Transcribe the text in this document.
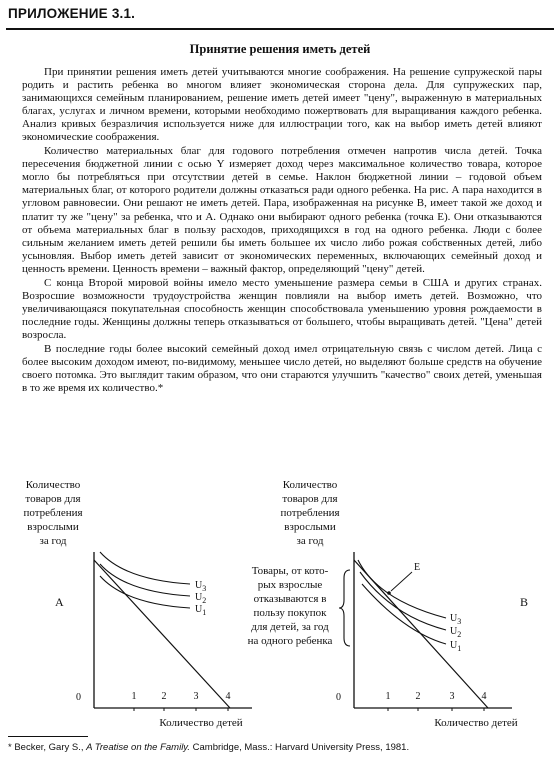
ПРИЛОЖЕНИЕ 3.1.
Принятие решения иметь детей

При принятии решения иметь детей учитываются многие соображения. На решение супружеской пары родить и растить ребенка во многом влияет экономическая сторона дела. Для супружеских пар, занимающихся семейным планированием, решение иметь детей имеет "цену", выраженную в материальных благах, услугах и личном времени, которыми необходимо пожертвовать для выращивания каждого ребенка. Анализ кривых безразличия используется ниже для иллюстрации того, как на выбор иметь детей влияют экономические соображения.

Количество материальных благ для годового потребления отмечен напротив числа детей. Точка пересечения бюджетной линии с осью Y измеряет доход через максимальное количество товара, которое могло бы потребляться при отсутствии детей в семье. Наклон бюджетной линии – годовой объем материальных благ, от которого родители должны отказаться ради одного ребенка. На рис. А пара находится в угловом равновесии. Они решают не иметь детей. Пара, изображенная на рисунке В, имеет такой же доход и платит ту же "цену" за ребенка, что и А. Однако они выбирают одного ребенка (точка Е). Они отказываются от объема материальных благ в пользу расходов, приходящихся в год на одного ребенка. Люди с более сильным желанием иметь детей решили бы иметь большее их число либо рожая собственных детей, либо усыновляя. Выбор иметь детей зависит от экономических переменных, включающих семейный доход и ценность времени. Ценность времени – важный фактор, определяющий "цену" детей.

С конца Второй мировой войны имело место уменьшение размера семьи в США и других странах. Возросшие возможности трудоустройства женщин повлияли на выбор иметь детей. Возможно, что увеличивающаяся покупательная способность женщин способствовала уменьшению уровня рождаемости в последние годы. Женщины должны теперь отказываться от большего, чтобы выращивать детей. "Цена" детей возросла.

В последние годы более высокий семейный доход имел отрицательную связь с числом детей. Лица с более высоким доходом имеют, по-видимому, меньшее число детей, но выделяют больше средств на обучение своего потомка. Это выглядит таким образом, что они стараются улучшить "качество" своих детей, уменьшая в то же время их количество.*

Количество
товаров для
потребления
взрослыми
за год
A
0
$U_3$
$U_2$
$U_1$
1	2	3	4
Количество детей
Товары, от кото-
рых взрослые
отказываются в
пользу покупок
для детей, за год
на одного ребенка
Количество
товаров для
потребления
взрослыми
за год
B
0
E
$U_3$
$U_2$
$U_1$
1	2	3	4
Количество детей
* Becker, Gary S., A Treatise on the Family. Cambridge, Mass.: Harvard University Press, 1981.
